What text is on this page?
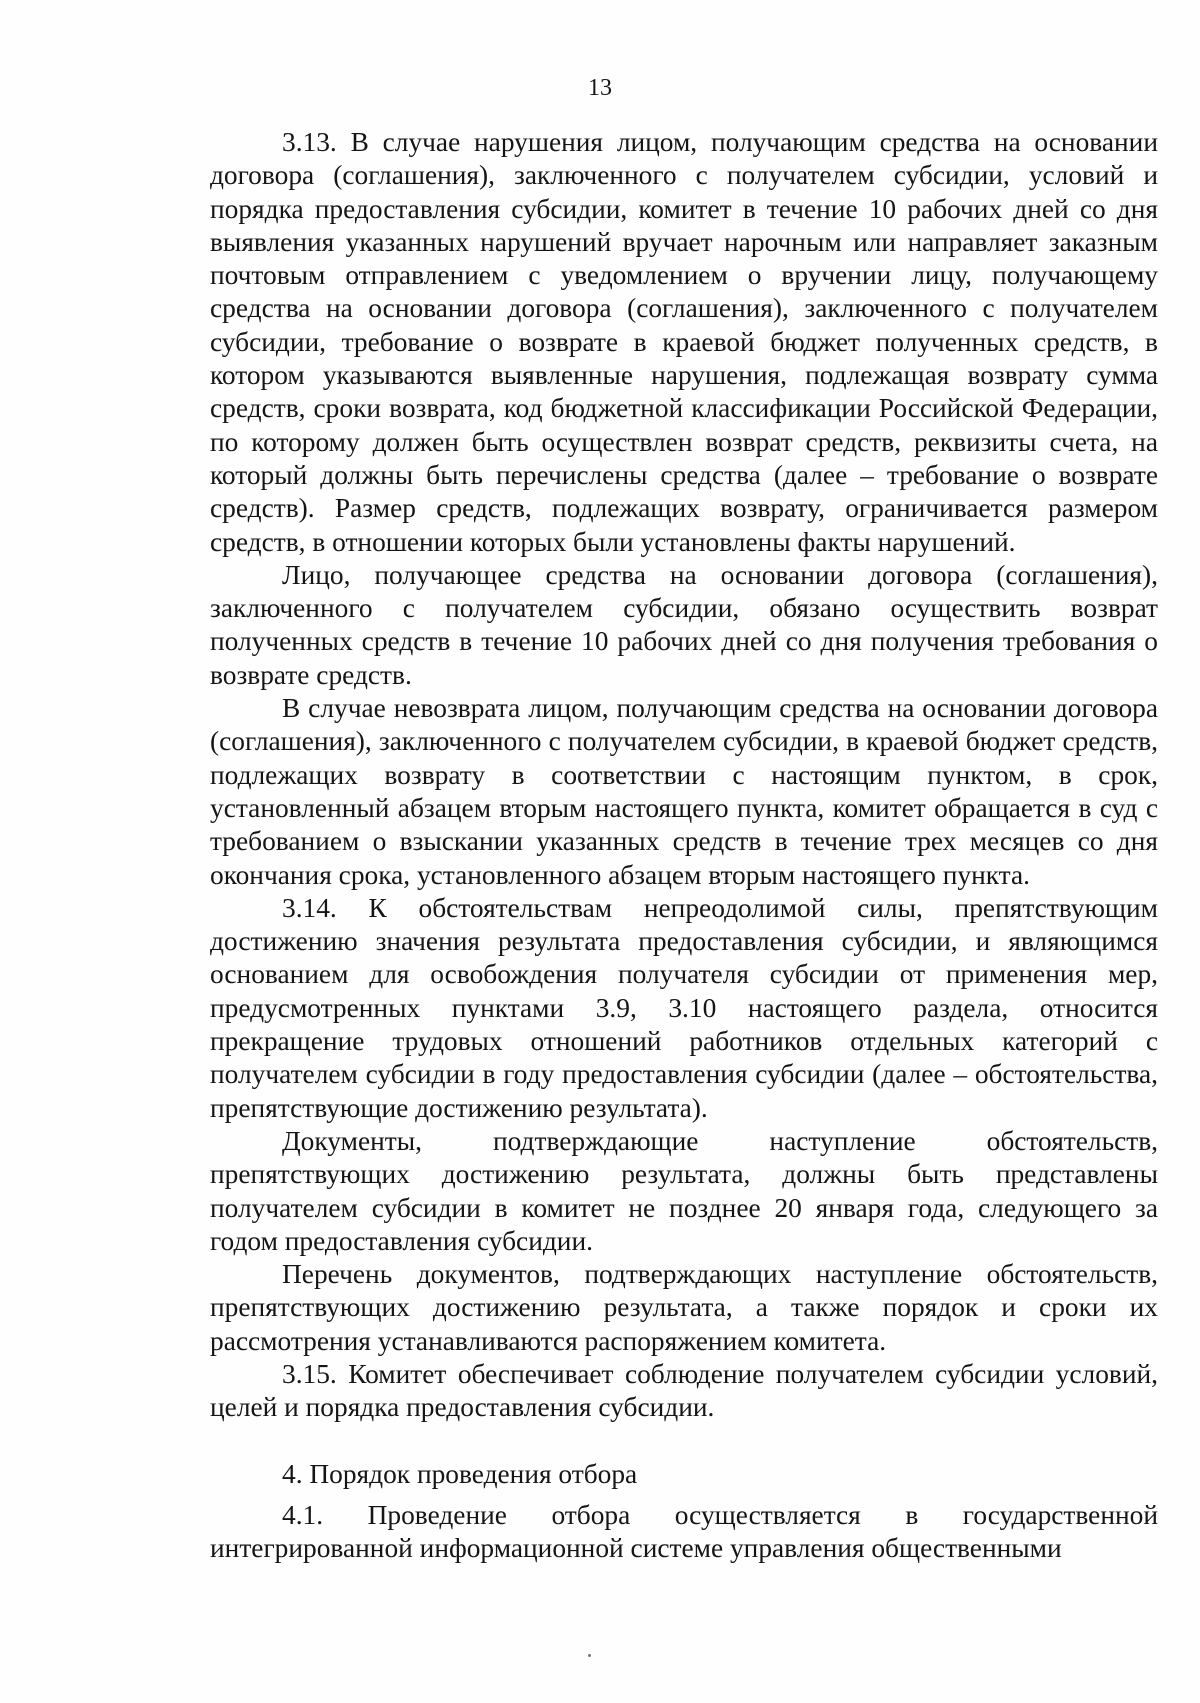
13

3.13. В случае нарушения лицом, получающим средства на основании договора (соглашения), заключенного с получателем субсидии, условий и порядка предоставления субсидии, комитет в течение 10 рабочих дней со дня выявления указанных нарушений вручает нарочным или направляет заказным почтовым отправлением с уведомлением о вручении лицу, получающему средства на основании договора (соглашения), заключенного с получателем субсидии, требование о возврате в краевой бюджет полученных средств, в котором указываются выявленные нарушения, подлежащая возврату сумма средств, сроки возврата, код бюджетной классификации Российской Федерации, по которому должен быть осуществлен возврат средств, реквизиты счета, на который должны быть перечислены средства (далее – требование о возврате средств). Размер средств, подлежащих возврату, ограничивается размером средств, в отношении которых были установлены факты нарушений.

Лицо, получающее средства на основании договора (соглашения), заключенного с получателем субсидии, обязано осуществить возврат полученных средств в течение 10 рабочих дней со дня получения требования о возврате средств.

В случае невозврата лицом, получающим средства на основании договора (соглашения), заключенного с получателем субсидии, в краевой бюджет средств, подлежащих возврату в соответствии с настоящим пунктом, в срок, установленный абзацем вторым настоящего пункта, комитет обращается в суд с требованием о взыскании указанных средств в течение трех месяцев со дня окончания срока, установленного абзацем вторым настоящего пункта.

3.14. К обстоятельствам непреодолимой силы, препятствующим достижению значения результата предоставления субсидии, и являющимся основанием для освобождения получателя субсидии от применения мер, предусмотренных пунктами 3.9, 3.10 настоящего раздела, относится прекращение трудовых отношений работников отдельных категорий с получателем субсидии в году предоставления субсидии (далее – обстоятельства, препятствующие достижению результата).

Документы, подтверждающие наступление обстоятельств, препятствующих достижению результата, должны быть представлены получателем субсидии в комитет не позднее 20 января года, следующего за годом предоставления субсидии.

Перечень документов, подтверждающих наступление обстоятельств, препятствующих достижению результата, а также порядок и сроки их рассмотрения устанавливаются распоряжением комитета.

3.15. Комитет обеспечивает соблюдение получателем субсидии условий, целей и порядка предоставления субсидии.

4. Порядок проведения отбора

4.1. Проведение отбора осуществляется в государственной интегрированной информационной системе управления общественными
